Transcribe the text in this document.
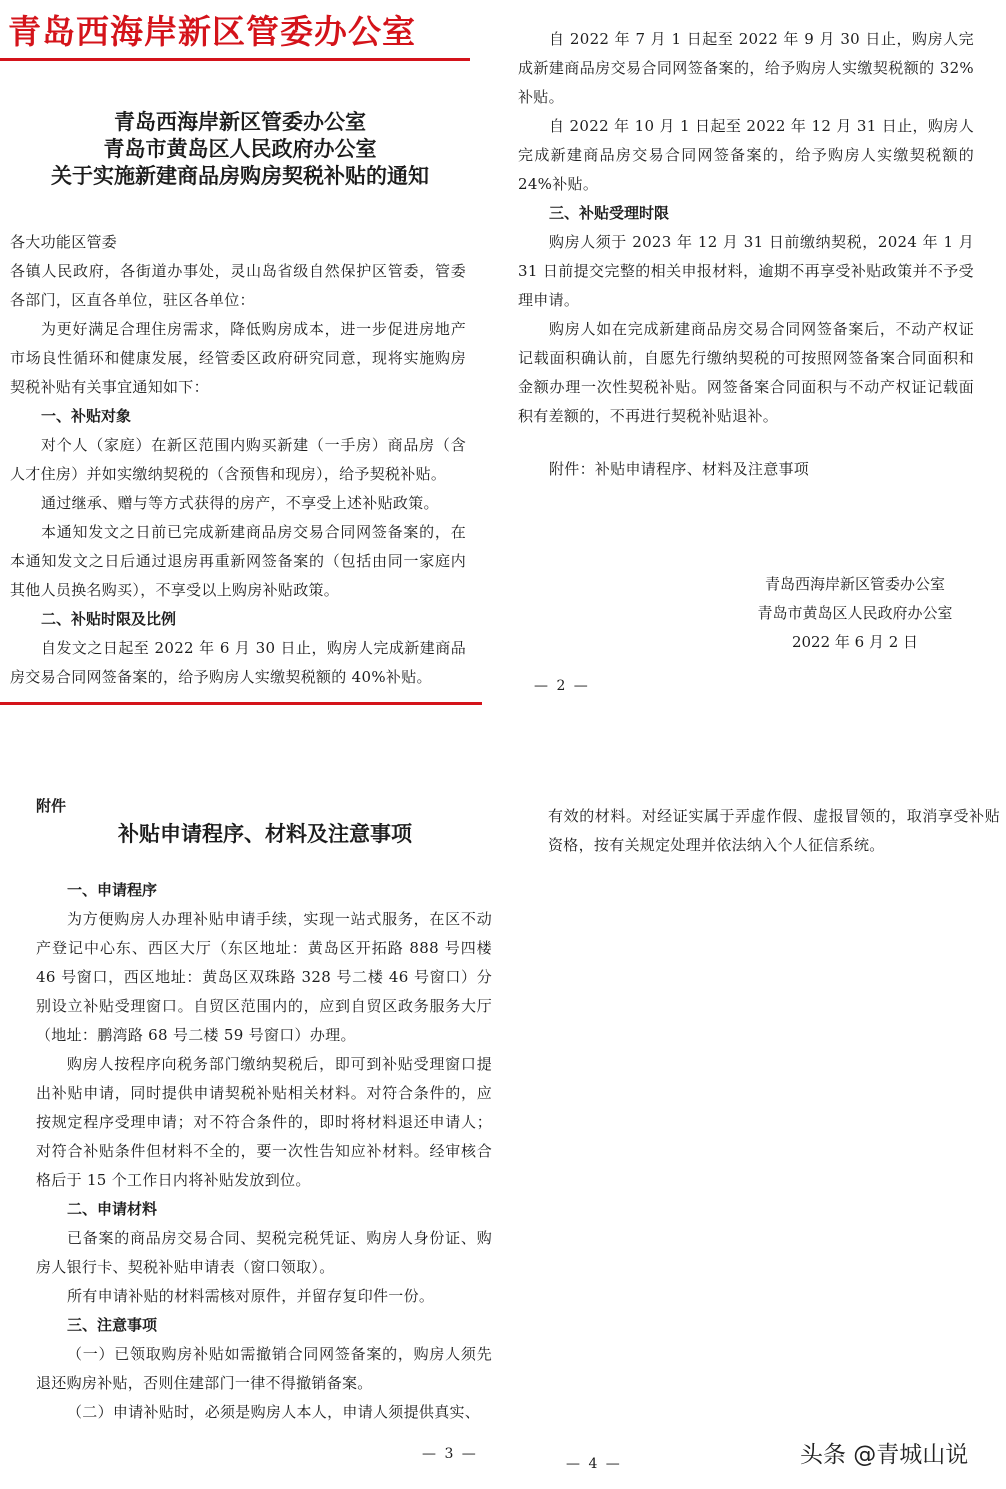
青岛西海岸新区管委办公室

青岛西海岸新区管委办公室

青岛市黄岛区人民政府办公室

关于实施新建商品房购房契税补贴的通知

各大功能区管委

各镇人民政府，各街道办事处，灵山岛省级自然保护区管委，管委各部门，区直各单位，驻区各单位：

为更好满足合理住房需求，降低购房成本，进一步促进房地产市场良性循环和健康发展，经管委区政府研究同意，现将实施购房契税补贴有关事宜通知如下：

一、补贴对象

对个人（家庭）在新区范围内购买新建（一手房）商品房（含人才住房）并如实缴纳契税的（含预售和现房），给予契税补贴。

通过继承、赠与等方式获得的房产，不享受上述补贴政策。

本通知发文之日前已完成新建商品房交易合同网签备案的，在本通知发文之日后通过退房再重新网签备案的（包括由同一家庭内其他人员换名购买），不享受以上购房补贴政策。

二、补贴时限及比例

自发文之日起至 2022 年 6 月 30 日止，购房人完成新建商品房交易合同网签备案的，给予购房人实缴契税额的 40%补贴。

自 2022 年 7 月 1 日起至 2022 年 9 月 30 日止，购房人完成新建商品房交易合同网签备案的，给予购房人实缴契税额的 32%补贴。

自 2022 年 10 月 1 日起至 2022 年 12 月 31 日止，购房人完成新建商品房交易合同网签备案的，给予购房人实缴契税额的 24%补贴。

三、补贴受理时限

购房人须于 2023 年 12 月 31 日前缴纳契税，2024 年 1 月 31 日前提交完整的相关申报材料，逾期不再享受补贴政策并不予受理申请。

购房人如在完成新建商品房交易合同网签备案后，不动产权证记载面积确认前，自愿先行缴纳契税的可按照网签备案合同面积和金额办理一次性契税补贴。网签备案合同面积与不动产权证记载面积有差额的，不再进行契税补贴退补。

附件：补贴申请程序、材料及注意事项
青岛西海岸新区管委办公室
青岛市黄岛区人民政府办公室
2022 年 6 月 2 日
— 2 —
附件
补贴申请程序、材料及注意事项

一、申请程序

为方便购房人办理补贴申请手续，实现一站式服务，在区不动产登记中心东、西区大厅（东区地址：黄岛区开拓路 888 号四楼 46 号窗口，西区地址：黄岛区双珠路 328 号二楼 46 号窗口）分别设立补贴受理窗口。自贸区范围内的，应到自贸区政务服务大厅（地址：鹏湾路 68 号二楼 59 号窗口）办理。

购房人按程序向税务部门缴纳契税后，即可到补贴受理窗口提出补贴申请，同时提供申请契税补贴相关材料。对符合条件的，应按规定程序受理申请；对不符合条件的，即时将材料退还申请人；对符合补贴条件但材料不全的，要一次性告知应补材料。经审核合格后于 15 个工作日内将补贴发放到位。

二、申请材料

已备案的商品房交易合同、契税完税凭证、购房人身份证、购房人银行卡、契税补贴申请表（窗口领取）。

所有申请补贴的材料需核对原件，并留存复印件一份。

三、注意事项

（一）已领取购房补贴如需撤销合同网签备案的，购房人须先退还购房补贴，否则住建部门一律不得撤销备案。

（二）申请补贴时，必须是购房人本人，申请人须提供真实、

— 3 —
有效的材料。对经证实属于弄虚作假、虚报冒领的，取消享受补贴资格，按有关规定处理并依法纳入个人征信系统。
— 4 —	头条 @青城山说
